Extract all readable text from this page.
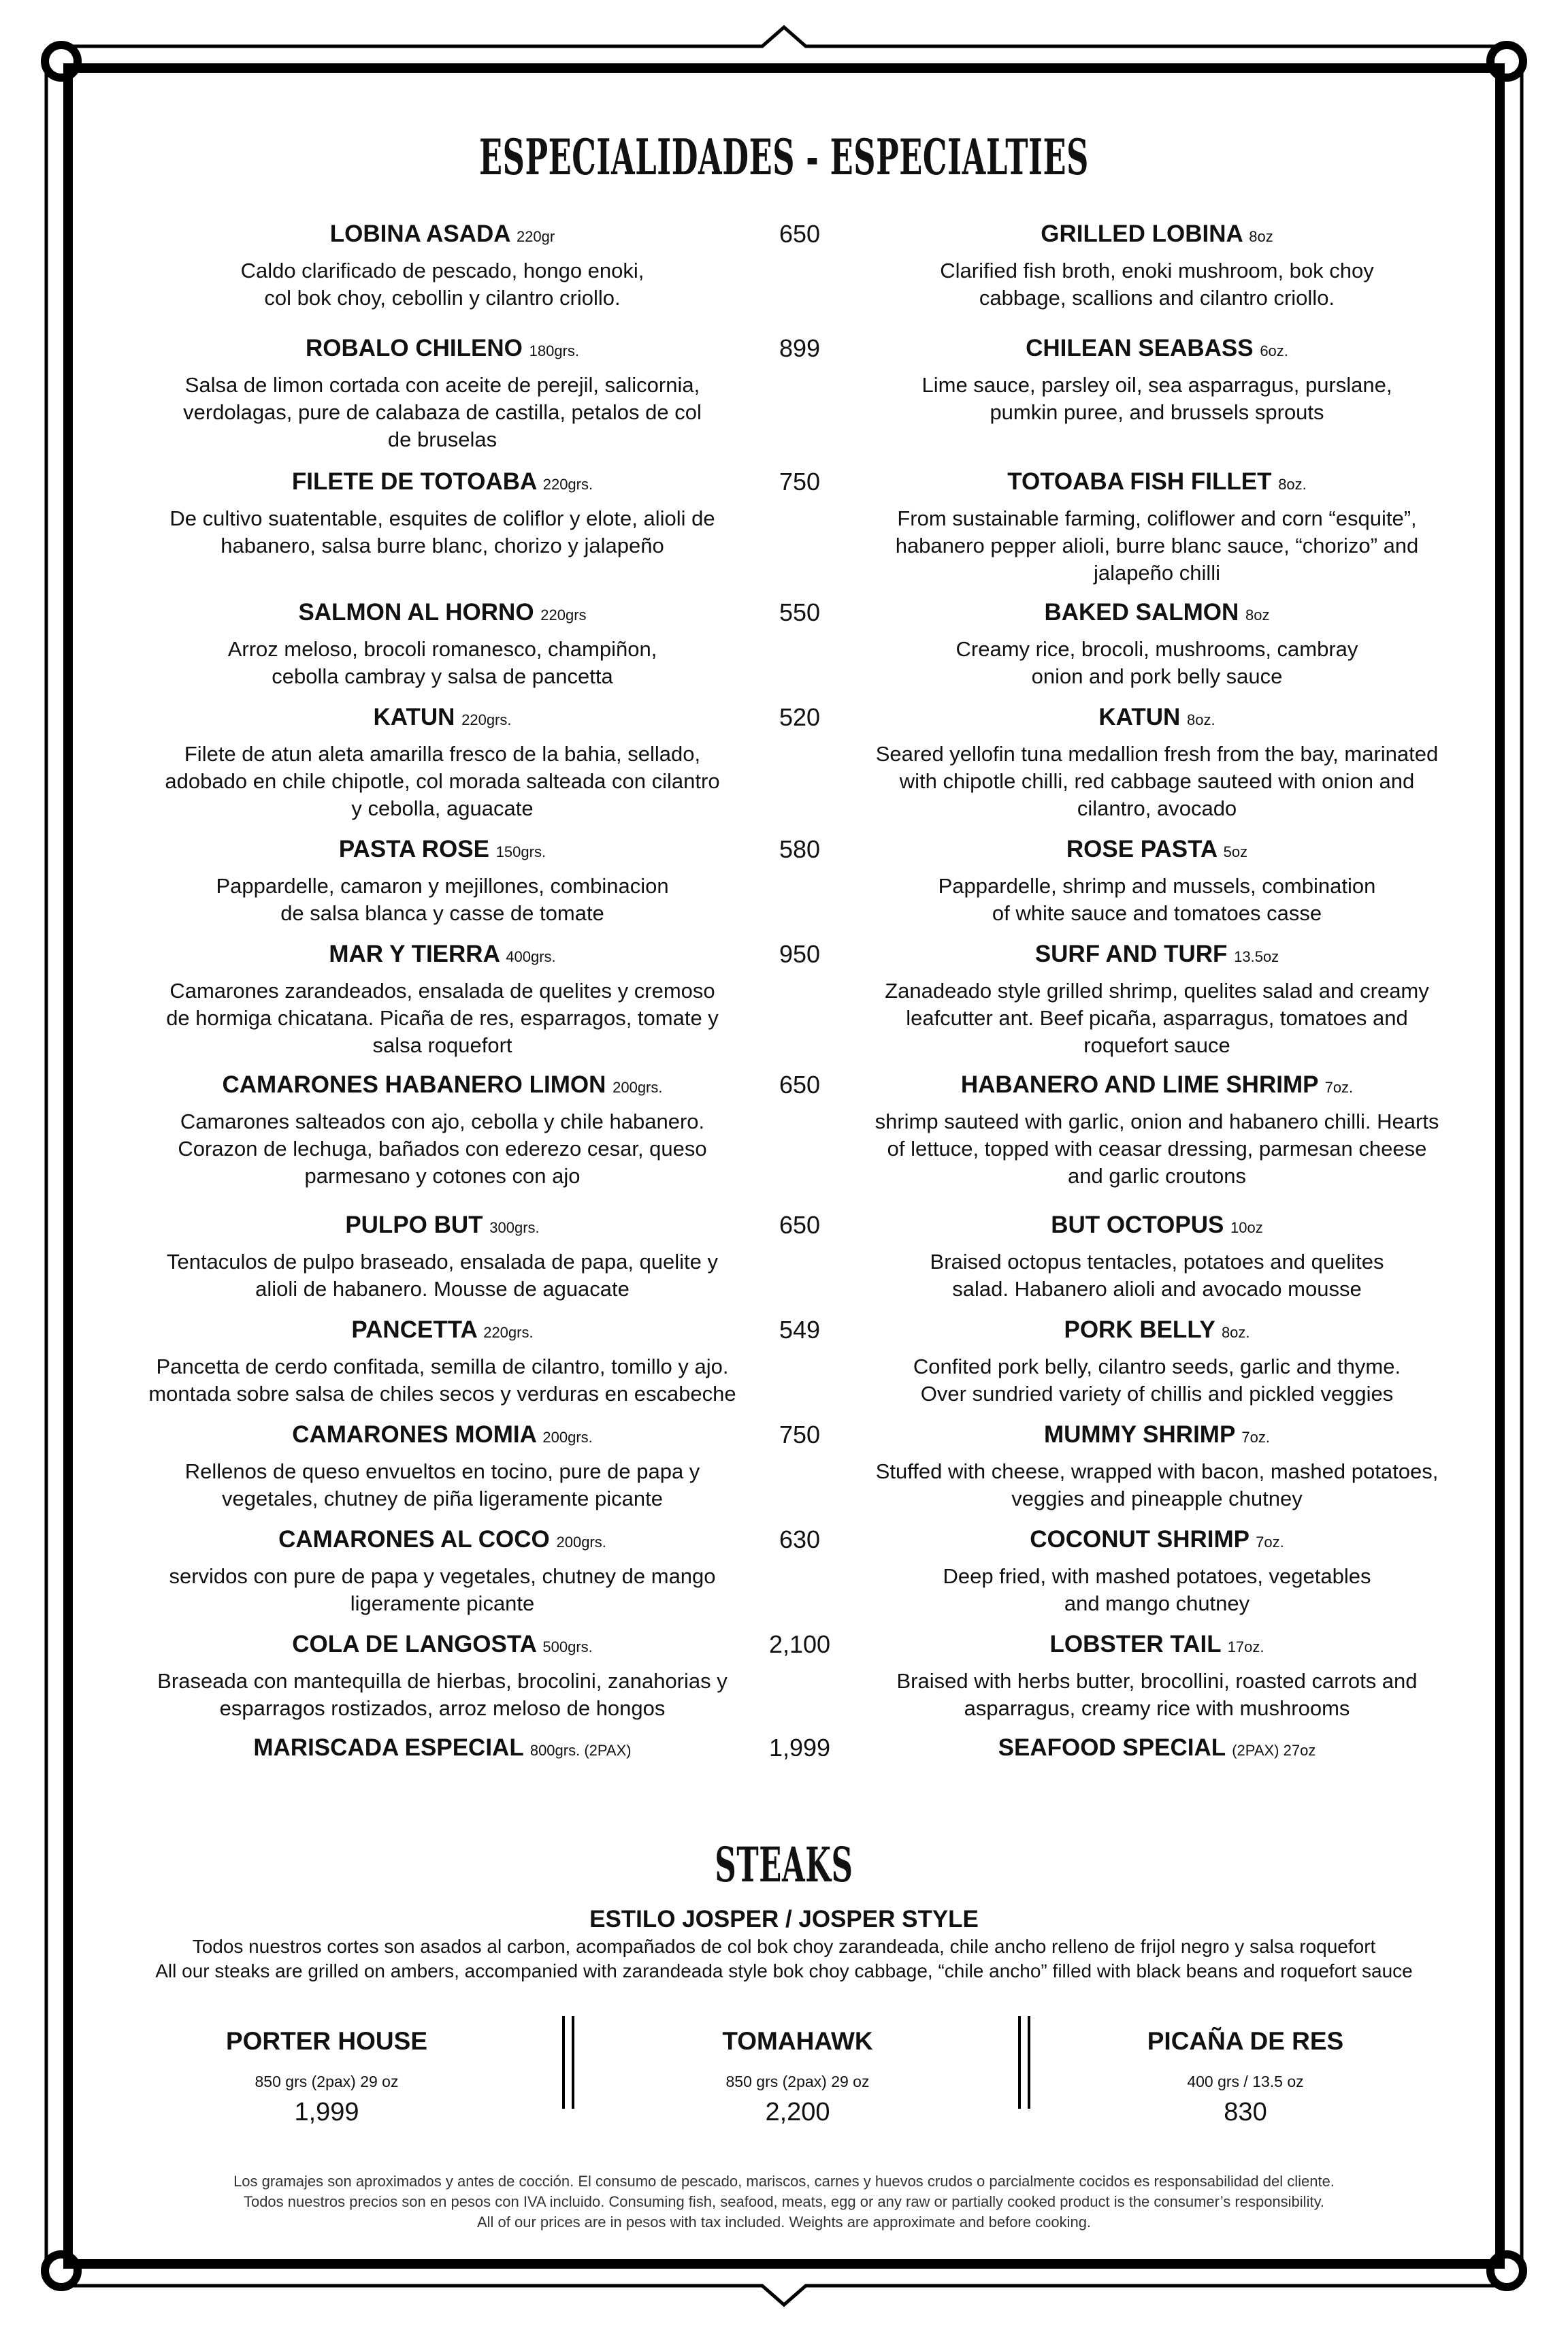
ESPECIALIDADES - ESPECIALTIES
LOBINA ASADA 220gr	650	GRILLED LOBINA 8oz
Caldo clarificado de pescado, hongo enoki,
col bok choy, cebollin y cilantro criollo.
Clarified fish broth, enoki mushroom, bok choy
cabbage, scallions and cilantro criollo.
ROBALO CHILENO 180grs.	899	CHILEAN SEABASS 6oz.
Salsa de limon cortada con aceite de perejil, salicornia,
verdolagas, pure de calabaza de castilla, petalos de col
de bruselas
Lime sauce, parsley oil, sea asparragus, purslane,
pumkin puree, and brussels sprouts
FILETE DE TOTOABA 220grs.	750	TOTOABA FISH FILLET 8oz.
De cultivo suatentable, esquites de coliflor y elote, alioli de
habanero, salsa burre blanc, chorizo y jalapeño
From sustainable farming, coliflower and corn “esquite”,
habanero pepper alioli, burre blanc sauce, “chorizo” and
jalapeño chilli
SALMON AL HORNO 220grs	550	BAKED SALMON 8oz
Arroz meloso, brocoli romanesco, champiñon,
cebolla cambray y salsa de pancetta
Creamy rice, brocoli, mushrooms, cambray
onion and pork belly sauce
KATUN 220grs.	520	KATUN 8oz.
Filete de atun aleta amarilla fresco de la bahia, sellado,
adobado en chile chipotle, col morada salteada con cilantro
y cebolla, aguacate
Seared yellofin tuna medallion fresh from the bay, marinated
with chipotle chilli, red cabbage sauteed with onion and
cilantro, avocado
PASTA ROSE 150grs.	580	ROSE PASTA 5oz
Pappardelle, camaron y mejillones, combinacion
de salsa blanca y casse de tomate
Pappardelle, shrimp and mussels, combination
of white sauce and tomatoes casse
MAR Y TIERRA 400grs.	950	SURF AND TURF 13.5oz
Camarones zarandeados, ensalada de quelites y cremoso
de hormiga chicatana. Picaña de res, esparragos, tomate y
salsa roquefort
Zanadeado style grilled shrimp, quelites salad and creamy
leafcutter ant. Beef picaña, asparragus, tomatoes and
roquefort sauce
CAMARONES HABANERO LIMON 200grs.	650	HABANERO AND LIME SHRIMP 7oz.
Camarones salteados con ajo, cebolla y chile habanero.
Corazon de lechuga, bañados con ederezo cesar, queso
parmesano y cotones con ajo
shrimp sauteed with garlic, onion and habanero chilli. Hearts
of lettuce, topped with ceasar dressing, parmesan cheese
and garlic croutons
PULPO BUT 300grs.	650	BUT OCTOPUS 10oz
Tentaculos de pulpo braseado, ensalada de papa, quelite y
alioli de habanero. Mousse de aguacate
Braised octopus tentacles, potatoes and quelites
salad. Habanero alioli and avocado mousse
PANCETTA 220grs.	549	PORK BELLY 8oz.
Pancetta de cerdo confitada, semilla de cilantro, tomillo y ajo.
montada sobre salsa de chiles secos y verduras en escabeche
Confited pork belly, cilantro seeds, garlic and thyme.
Over sundried variety of chillis and pickled veggies
CAMARONES MOMIA 200grs.	750	MUMMY SHRIMP 7oz.
Rellenos de queso envueltos en tocino, pure de papa y
vegetales, chutney de piña ligeramente picante
Stuffed with cheese, wrapped with bacon, mashed potatoes,
veggies and pineapple chutney
CAMARONES AL COCO 200grs.	630	COCONUT SHRIMP 7oz.
servidos con pure de papa y vegetales, chutney de mango
ligeramente picante
Deep fried, with mashed potatoes, vegetables
and mango chutney
COLA DE LANGOSTA 500grs.	2,100	LOBSTER TAIL 17oz.
Braseada con mantequilla de hierbas, brocolini, zanahorias y
esparragos rostizados, arroz meloso de hongos
Braised with herbs butter, brocollini, roasted carrots and
asparragus, creamy rice with mushrooms
MARISCADA ESPECIAL 800grs. (2PAX)	1,999	SEAFOOD SPECIAL (2PAX) 27oz
STEAKS
ESTILO JOSPER / JOSPER STYLE
Todos nuestros cortes son asados al carbon, acompañados de col bok choy zarandeada, chile ancho relleno de frijol negro y salsa roquefort
All our steaks are grilled on ambers, accompanied with zarandeada style bok choy cabbage, “chile ancho” filled with black beans and roquefort sauce
PORTER HOUSE
850 grs (2pax) 29 oz
1,999
TOMAHAWK
850 grs (2pax) 29 oz
2,200
PICAÑA DE RES
400 grs / 13.5 oz
830
Los gramajes son aproximados y antes de cocción. El consumo de pescado, mariscos, carnes y huevos crudos o parcialmente cocidos es responsabilidad del cliente.
Todos nuestros precios son en pesos con IVA incluido. Consuming fish, seafood, meats, egg or any raw or partially cooked product is the consumer’s responsibility.
All of our prices are in pesos with tax included. Weights are approximate and before cooking.
